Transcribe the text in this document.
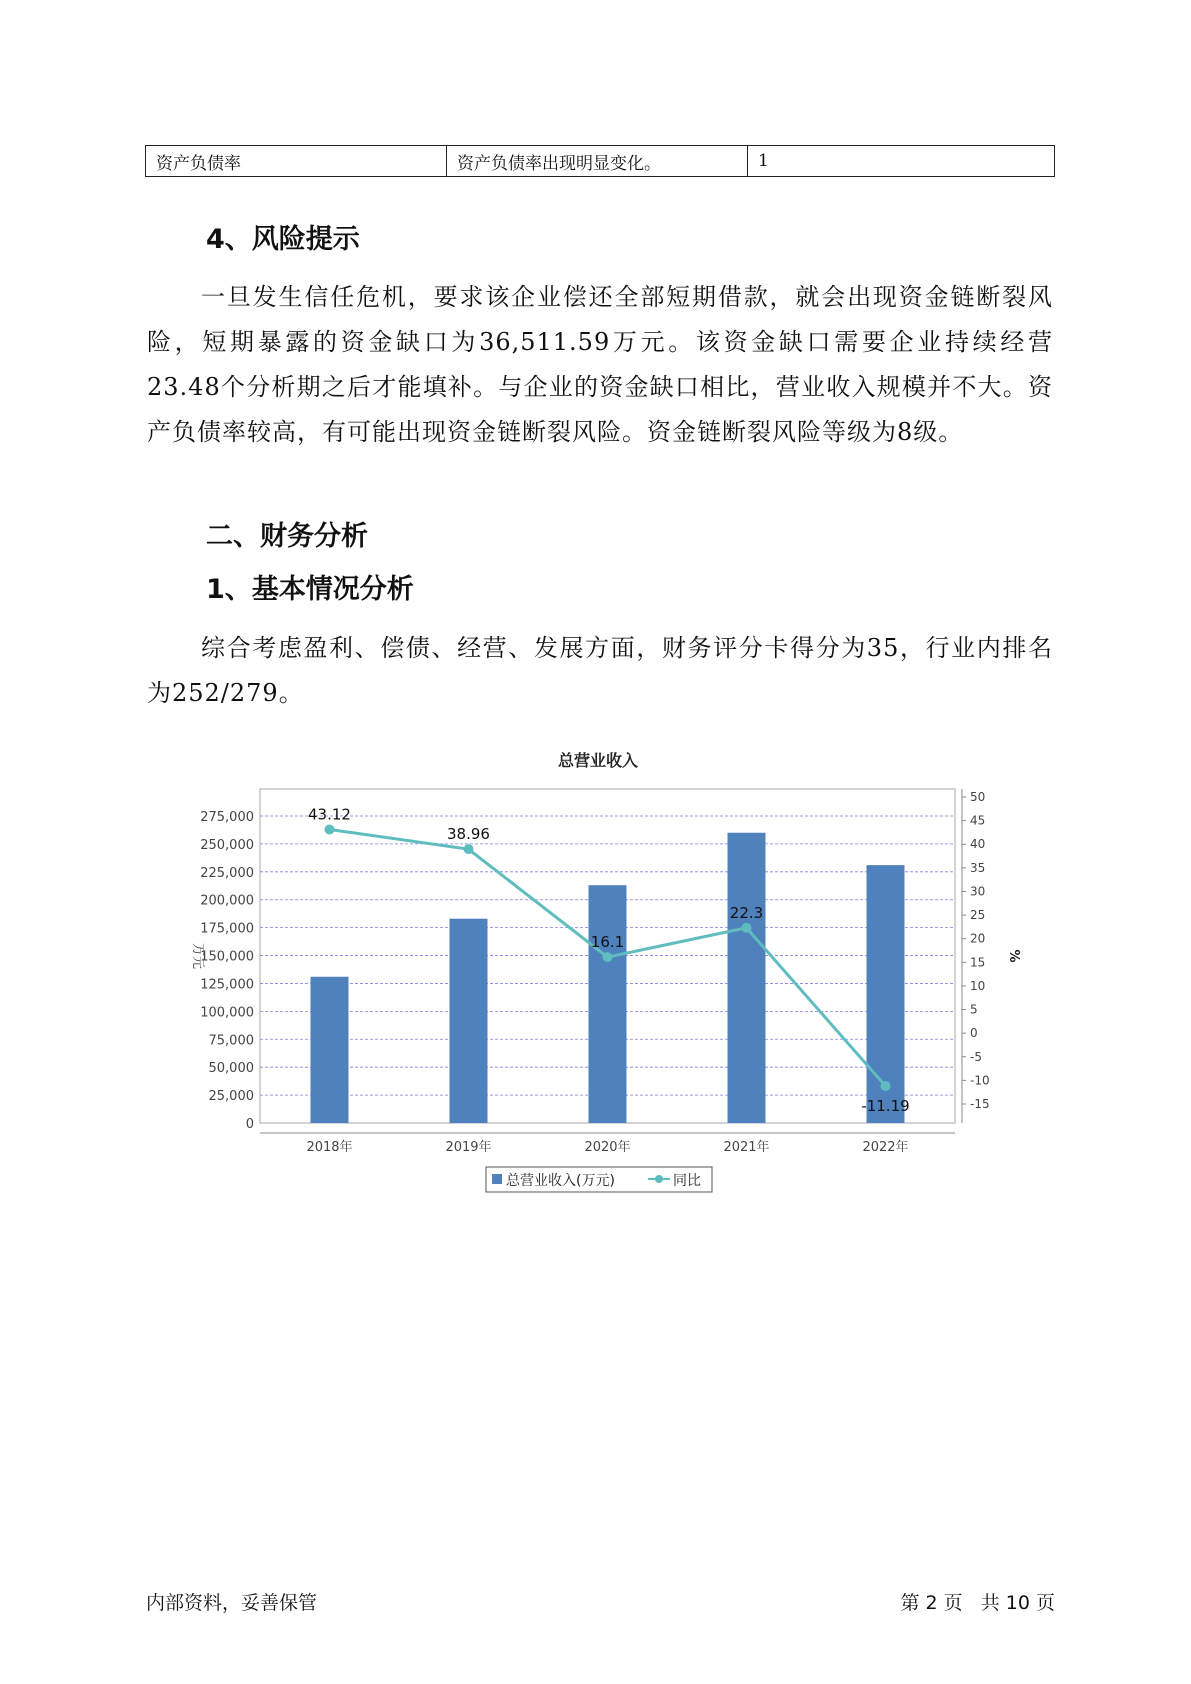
资产负债率	资产负债率出现明显变化。	1
4、风险提示
一旦发生信任危机，要求该企业偿还全部短期借款，就会出现资金链断裂风险，短期暴露的资金缺口为36,511.59万元。该资金缺口需要企业持续经营 23.48个分析期之后才能填补。与企业的资金缺口相比，营业收入规模并不大。资产负债率较高，有可能出现资金链断裂风险。资金链断裂风险等级为8级。
二、财务分析
1、基本情况分析
综合考虑盈利、偿债、经营、发展方面，财务评分卡得分为35，行业内排名为252/279。
总营业收入
0
25,000
50,000
75,000
100,000
125,000
150,000
175,000
200,000
225,000
250,000
275,000
-15
-10
-5
0
5
10
15
20
25
30
35
40
45
50
43.12
38.96
16.1
22.3
-11.19
2018年	2019年	2020年	2021年	2022年
万元	%
总营业收入(万元)	同比
内部资料，妥善保管	第 2 页   共 10 页
